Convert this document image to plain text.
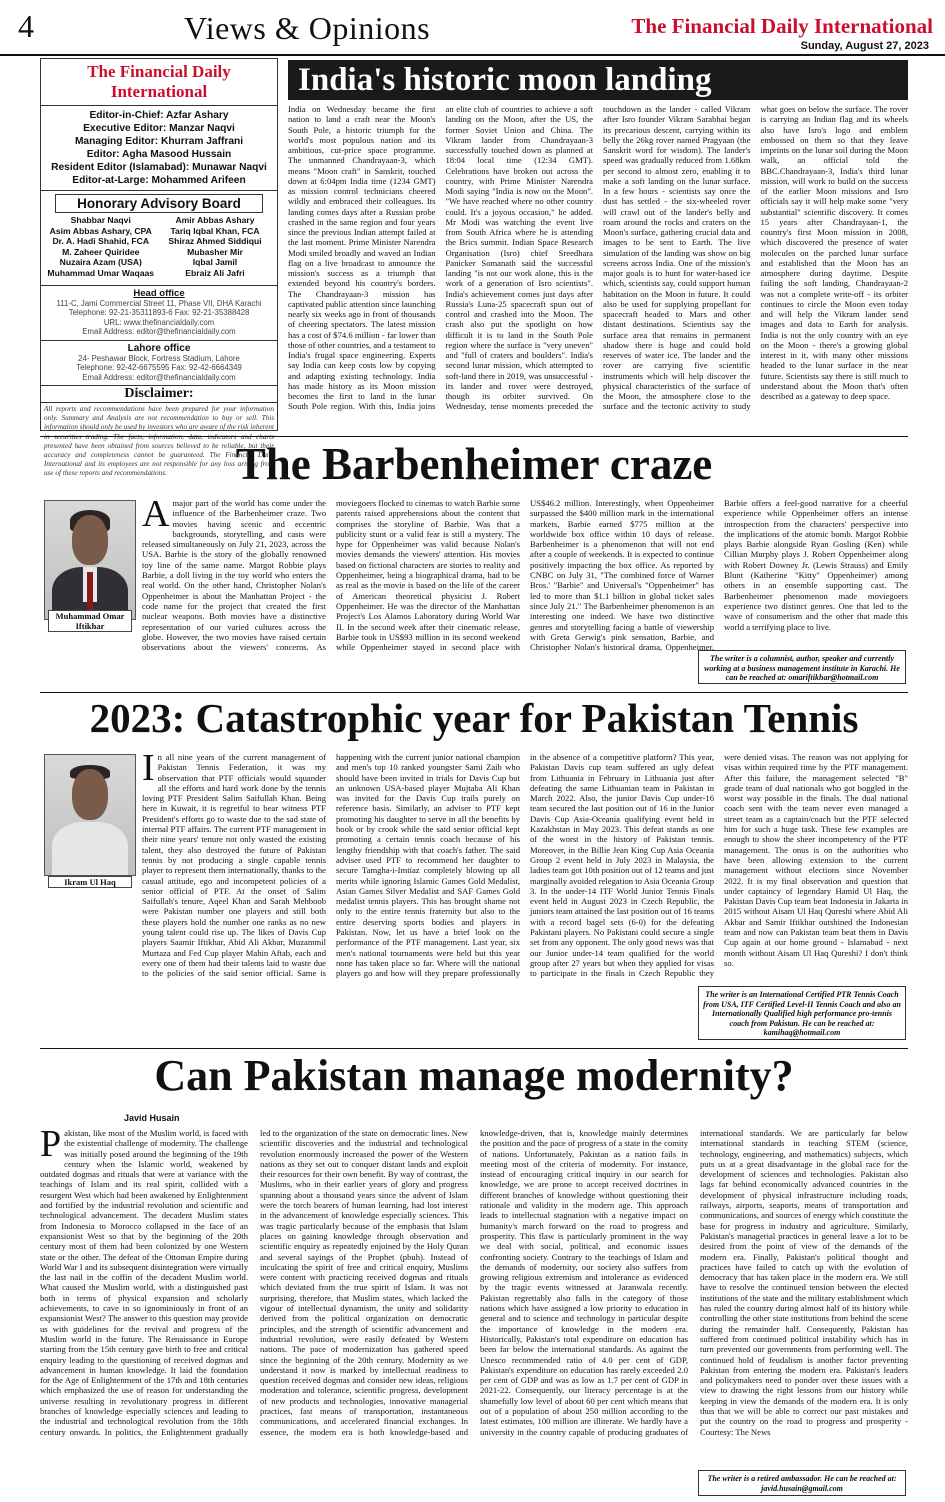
4	Views & Opinions	The Financial Daily International
Sunday, August 27, 2023
The Financial Daily International
Editor-in-Chief: Azfar Ashary
Executive Editor: Manzar Naqvi
Managing Editor: Khurram Jaffrani
Editor: Agha Masood Hussain
Resident Editor (Islamabad): Munawar Naqvi
Editor-at-Large: Mohammed Arifeen
Honorary Advisory Board
Shabbar Naqvi
Asim Abbas Ashary, CPA
Dr. A. Hadi Shahid, FCA
M. Zaheer Quiridee
Nuzaira Azam (USA)
Muhammad Umar Waqaas
Amir Abbas Ashary
Tariq Iqbal Khan, FCA
Shiraz Ahmed Siddiqui
Mubasher Mir
Iqbal Jamil
Ebraiz Ali Jafri
Head office
111-C, Jami Commercial Street 11, Phase VII, DHA Karachi
Telephone: 92-21-35311893-6 Fax: 92-21-35388428
URL: www.thefinancialdaily.com
Email Address: editor@thefinancialdaily.com
Lahore office
24- Peshawar Block, Fortress Stadium, Lahore
Telephone: 92-42-6675595 Fax: 92-42-6664349
Email Address: editor@thefinancialdaily.com
Disclaimer:
All reports and recommendations have been prepared for your information only. Summary and Analysis are not recommendation to buy or sell. This information should only be used by investors who are aware of the risk inherent in securities trading. The facts, information, data, indicators and charts presented have been obtained from sources believed to be reliable, but their accuracy and completeness cannot be guaranteed. The Financial Daily International and its employees are not responsible for any loss arising from use of these reports and recommendations.
India's historic moon landing
India on Wednesday became the first nation to land a craft near the Moon's South Pole, a historic triumph for the world's most populous nation and its ambitious, cut-price space programme. The unmanned Chandrayaan-3, which means "Moon craft" in Sanskrit, touched down at 6:04pm India time (1234 GMT) as mission control technicians cheered wildly and embraced their colleagues. Its landing comes days after a Russian probe crashed in the same region and four years since the previous Indian attempt failed at the last moment. Prime Minister Narendra Modi smiled broadly and waved an Indian flag on a live broadcast to announce the mission's success as a triumph that extended beyond his country's borders. The Chandrayaan-3 mission has captivated public attention since launching nearly six weeks ago in front of thousands of cheering spectators. The latest mission has a cost of $74.6 million - far lower than those of other countries, and a testament to India's frugal space engineering. Experts say India can keep costs low by copying and adapting existing technology. India has made history as its Moon mission becomes the first to land in the lunar South Pole region. With this, India joins an elite club of countries to achieve a soft landing on the Moon, after the US, the former Soviet Union and China. The Vikram lander from Chandrayaan-3 successfully touched down as planned at 18:04 local time (12:34 GMT). Celebrations have broken out across the country, with Prime Minister Narendra Modi saying "India is now on the Moon". "We have reached where no other country could. It's a joyous occasion," he added. Mr Modi was watching the event live from South Africa where he is attending the Brics summit. Indian Space Research Organisation (Isro) chief Sreedhara Panicker Somanath said the successful landing "is not our work alone, this is the work of a generation of Isro scientists". India's achievement comes just days after Russia's Luna-25 spacecraft spun out of control and crashed into the Moon. The crash also put the spotlight on how difficult it is to land in the South Pole region where the surface is "very uneven" and "full of craters and boulders". India's second lunar mission, which attempted to soft-land there in 2019, was unsuccessful - its lander and rover were destroyed, though its orbiter survived. On Wednesday, tense moments preceded the touchdown as the lander - called Vikram after Isro founder Vikram Sarabhai began its precarious descent, carrying within its belly the 26kg rover named Pragyaan (the Sanskrit word for wisdom). The lander's speed was gradually reduced from 1.68km per second to almost zero, enabling it to make a soft landing on the lunar surface. In a few hours - scientists say once the dust has settled - the six-wheeled rover will crawl out of the lander's belly and roam around the rocks and craters on the Moon's surface, gathering crucial data and images to be sent to Earth. The live simulation of the landing was show on big screens across India. One of the mission's major goals is to hunt for water-based ice which, scientists say, could support human habitation on the Moon in future. It could also be used for supplying propellant for spacecraft headed to Mars and other distant destinations. Scientists say the surface area that remains in permanent shadow there is huge and could hold reserves of water ice. The lander and the rover are carrying five scientific instruments which will help discover the physical characteristics of the surface of the Moon, the atmosphere close to the surface and the tectonic activity to study what goes on below the surface. The rover is carrying an Indian flag and its wheels also have Isro's logo and emblem embossed on them so that they leave imprints on the lunar soil during the Moon walk, an official told the BBC.Chandrayaan-3, India's third lunar mission, will work to build on the success of the earlier Moon missions and Isro officials say it will help make some "very substantial" scientific discovery. It comes 15 years after Chandrayaan-1, the country's first Moon mission in 2008, which discovered the presence of water molecules on the parched lunar surface and established that the Moon has an atmosphere during daytime. Despite failing the soft landing, Chandrayaan-2 was not a complete write-off - its orbiter continues to circle the Moon even today and will help the Vikram lander send images and data to Earth for analysis. India is not the only country with an eye on the Moon - there's a growing global interest in it, with many other missions headed to the lunar surface in the near future. Scientists say there is still much to understand about the Moon that's often described as a gateway to deep space.
The Barbenheimer craze
Muhammad Omar Iftikhar
Amajor part of the world has come under the influence of the Barbenheimer craze. Two movies having scenic and eccentric backgrounds, storytelling, and casts were released simultaneously on July 21, 2023, across the USA. Barbie is the story of the globally renowned toy line of the same name. Margot Robbie plays Barbie, a doll living in the toy world who enters the real world. On the other hand, Christopher Nolan's Oppenheimer is about the Manhattan Project - the code name for the project that created the first nuclear weapons. Both movies have a distinctive representation of our varied cultures across the globe. However, the two movies have raised certain observations about the viewers' concerns. As moviegoers flocked to cinemas to watch Barbie some parents raised apprehensions about the content that comprises the storyline of Barbie. Was that a publicity stunt or a valid fear is still a mystery. The hype for Oppenheimer was valid because Nolan's movies demands the viewers' attention. His movies based on fictional characters are stories to reality and Oppenheimer, being a biographical drama, had to be as real as the movie is based on the life of the career of American theoretical physicist J. Robert Oppenheimer. He was the director of the Manhattan Project's Los Alamos Laboratory during World War II. In the second week after their cinematic release, Barbie took in US$93 million in its second weekend while Oppenheimer stayed in second place with US$46.2 million. Interestingly, when Oppenheimer surpassed the $400 million mark in the international markets, Barbie earned $775 million at the worldwide box office within 10 days of release. Barbenheimer is a phenomenon that will not end after a couple of weekends. It is expected to continue positively impacting the box office. As reported by CNBC on July 31, "The combined force of Warner Bros.' "Barbie" and Universal's "Oppenheimer" has led to more than $1.1 billion in global ticket sales since July 21." The Barbenheimer phenomenon is an interesting one indeed. We have two distinctive genres and storytelling facing a battle of viewership with Greta Gerwig's pink sensation, Barbie, and Christopher Nolan's historical drama, Oppenheimer. Barbie offers a feel-good narrative for a cheerful experience while Oppenheimer offers an intense introspection from the characters' perspective into the implications of the atomic bomb. Margot Robbie plays Barbie alongside Ryan Gosling (Ken) while Cillian Murphy plays J. Robert Oppenheimer along with Robert Downey Jr. (Lewis Strauss) and Emily Blunt (Katherine "Kitty" Oppenheimer) among others in an ensemble supporting cast. The Barbenheimer phenomenon made moviegoers experience two distinct genres. One that led to the wave of consumerism and the other that made this world a terrifying place to live.
The writer is a columnist, author, speaker and currently working at a business management institute in Karachi. He can be reached at: omariftikhar@hotmail.com
2023: Catastrophic year for Pakistan Tennis
Ikram Ul Haq
In all nine years of the current management of Pakistan Tennis Federation, it was my observation that PTF officials would squander all the efforts and hard work done by the tennis loving PTF President Salim Saifullah Khan. Being here in Kuwait, it is regretful to bear witness PTF President's efforts go to waste due to the sad state of internal PTF affairs. The current PTF management in their nine years' tenure not only wasted the existing talent, they also destroyed the future of Pakistan tennis by not producing a single capable tennis player to represent them internationally, thanks to the casual attitude, ego and incompetent policies of a senior official of PTF. At the onset of Salim Saifullah's tenure, Aqeel Khan and Sarah Mehboob were Pakistan number one players and still both these players hold the number one ranks as no new young talent could rise up. The likes of Davis Cup players Saamir Iftikhar, Abid Ali Akbar, Muzammil Murtaza and Fed Cup player Mahin Aftab, each and every one of them had their talents laid to waste due to the policies of the said senior official. Same is happening with the current junior national champion and men's top 10 ranked youngster Sami Zaib who should have been invited in trials for Davis Cup but an unknown USA-based player Mujtaba Ali Khan was invited for the Davis Cup trails purely on reference basis. Similarly, an adviser to PTF kept promoting his daughter to serve in all the benefits by hook or by crook while the said senior official kept promoting a certain tennis coach because of his lengthy friendship with that coach's father. The said adviser used PTF to recommend her daughter to secure Tamgha-i-Imtiaz completely blowing up all merits while ignoring Islamic Games Gold Medalist, Asian Games Silver Medalist and SAF Games Gold medalist tennis players. This has brought shame not only to the entire tennis fraternity but also to the entire deserving sports bodies and players in Pakistan. Now, let us have a brief look on the performance of the PTF management. Last year, six men's national tournaments were held but this year none has taken place so far. Where will the national players go and how will they prepare professionally in the absence of a competitive platform? This year, Pakistan Davis cup team suffered an ugly defeat from Lithuania in February in Lithuania just after defeating the same Lithuanian team in Pakistan in March 2022. Also, the junior Davis Cup under-16 team secured the last position out of 16 in the Junior Davis Cup Asia-Oceania qualifying event held in Kazakhstan in May 2023. This defeat stands as one of the worst in the history of Pakistan tennis. Moreover, in the Billie Jean King Cup Asia Oceania Group 2 event held in July 2023 in Malaysia, the ladies team got 10th position out of 12 teams and just marginally avoided relegation to Asia Oceania Group 3. In the under-14 ITF World Junior Tennis Finals event held in August 2023 in Czech Republic, the juniors team attained the last position out of 16 teams with a record bagel sets (6-0) for the defeating Pakistani players. No Pakistani could secure a single set from any opponent. The only good news was that our Junior under-14 team qualified for the world group after 27 years but when they applied for visas to participate in the finals in Czech Republic they were denied visas. The reason was not applying for visas within required time by the PTF management. After this failure, the management selected "B" grade team of dual nationals who got boggled in the worst way possible in the finals. The dual national coach sent with the team never even managed a street team as a captain/coach but the PTF selected him for such a huge task. These few examples are enough to show the sheer incompetency of the PTF management. The onus is on the authorities who have been allowing extension to the current management without elections since November 2022. It is my final observation and question that under captaincy of legendary Hamid Ul Haq, the Pakistan Davis Cup team beat Indonesia in Jakarta in 2015 without Aisam Ul Haq Qureshi where Abid Ali Akbar and Samir Iftikhar outshined the Indonesian team and now can Pakistan team beat them in Davis Cup again at our home ground - Islamabad - next month without Aisam Ul Haq Qureshi? I don't think so.
The writer is an International Certified PTR Tennis Coach from USA, ITF Certified Level-II Tennis Coach and also an Internationally Qualified high performance pro-tennis coach from Pakistan. He can be reached at: kamihaq@hotmail.com
Can Pakistan manage modernity?
Javid Husain
Pakistan, like most of the Muslim world, is faced with the existential challenge of modernity. The challenge was initially posed around the beginning of the 19th century when the Islamic world, weakened by outdated dogmas and rituals that were at variance with the teachings of Islam and its real spirit, collided with a resurgent West which had been awakened by Enlightenment and fortified by the industrial revolution and scientific and technological advancement. The decadent Muslim states from Indonesia to Morocco collapsed in the face of an expansionist West so that by the beginning of the 20th century most of them had been colonized by one Western state or the other. The defeat of the Ottoman Empire during World War I and its subsequent disintegration were virtually the last nail in the coffin of the decadent Muslim world. What caused the Muslim world, with a distinguished past both in terms of physical expansion and scholarly achievements, to cave in so ignominiously in front of an expansionist West? The answer to this question may provide us with guidelines for the revival and progress of the Muslim world in the future. The Renaissance in Europe starting from the 15th century gave birth to free and critical enquiry leading to the questioning of received dogmas and advancement in human knowledge. It laid the foundation for the Age of Enlightenment of the 17th and 18th centuries which emphasized the use of reason for understanding the universe resulting in revolutionary progress in different branches of knowledge especially sciences and leading to the industrial and technological revolution from the 18th century onwards. In politics, the Enlightenment gradually led to the organization of the state on democratic lines. New scientific discoveries and the industrial and technological revolution enormously increased the power of the Western nations as they set out to conquer distant lands and exploit their resources for their own benefit. By way of contrast, the Muslims, who in their earlier years of glory and progress spanning about a thousand years since the advent of Islam were the torch bearers of human learning, had lost interest in the advancement of knowledge especially sciences. This was tragic particularly because of the emphasis that Islam places on gaining knowledge through observation and scientific enquiry as repeatedly enjoined by the Holy Quran and several sayings of the Prophet (pbuh). Instead of inculcating the spirit of free and critical enquiry, Muslims were content with practicing received dogmas and rituals which deviated from the true spirit of Islam. It was not surprising, therefore, that Muslim states, which lacked the vigour of intellectual dynamism, the unity and solidarity derived from the political organization on democratic principles, and the strength of scientific advancement and industrial revolution, were easily defeated by Western nations. The pace of modernization has gathered speed since the beginning of the 20th century. Modernity as we understand it now is marked by intellectual readiness to question received dogmas and consider new ideas, religious moderation and tolerance, scientific progress, development of new products and technologies, innovative managerial practices, fast means of transportation, instantaneous communications, and accelerated financial exchanges. In essence, the modern era is both knowledge-based and knowledge-driven, that is, knowledge mainly determines the position and the pace of progress of a state in the comity of nations. Unfortunately, Pakistan as a nation fails in meeting most of the criteria of modernity. For instance, instead of encouraging critical inquiry in our search for knowledge, we are prone to accept received doctrines in different branches of knowledge without questioning their rationale and validity in the modern age. This approach leads to intellectual stagnation with a negative impact on humanity's march forward on the road to progress and prosperity. This flaw is particularly prominent in the way we deal with social, political, and economic issues confronting society. Contrary to the teachings of Islam and the demands of modernity, our society also suffers from growing religious extremism and intolerance as evidenced by the tragic events witnessed at Jaranwala recently. Pakistan regrettably also falls in the category of those nations which have assigned a low priority to education in general and to science and technology in particular despite the importance of knowledge in the modern era. Historically, Pakistan's total expenditure on education has been far below the international standards. As against the Unesco recommended ratio of 4.0 per cent of GDP, Pakistan's expenditure on education has rarely exceeded 2.0 per cent of GDP and was as low as 1.7 per cent of GDP in 2021-22. Consequently, our literacy percentage is at the shamefully low level of about 60 per cent which means that out of a population of about 250 million according to the latest estimates, 100 million are illiterate. We hardly have a university in the country capable of producing graduates of international standards. We are particularly far below international standards in teaching STEM (science, technology, engineering, and mathematics) subjects, which puts us at a great disadvantage in the global race for the development of sciences and technologies. Pakistan also lags far behind economically advanced countries in the development of physical infrastructure including roads, railways, airports, seaports, means of transportation and communications, and sources of energy which constitute the base for progress in industry and agriculture. Similarly, Pakistan's managerial practices in general leave a lot to be desired from the point of view of the demands of the modern era. Finally, Pakistan's political thought and practices have failed to catch up with the evolution of democracy that has taken place in the modern era. We still have to resolve the continued tension between the elected institutions of the state and the military establishment which has ruled the country during almost half of its history while controlling the other state institutions from behind the scene during the remainder half. Consequently, Pakistan has suffered from continued political instability which has in turn prevented our governments from performing well. The continued hold of feudalism is another factor preventing Pakistan from entering the modern era. Pakistan's leaders and policymakers need to ponder over these issues with a view to drawing the right lessons from our history while keeping in view the demands of the modern era. It is only thus that we will be able to correct our past mistakes and put the country on the road to progress and prosperity -Courtesy: The News
The writer is a retired ambassador. He can be reached at: javid.husain@gmail.com
